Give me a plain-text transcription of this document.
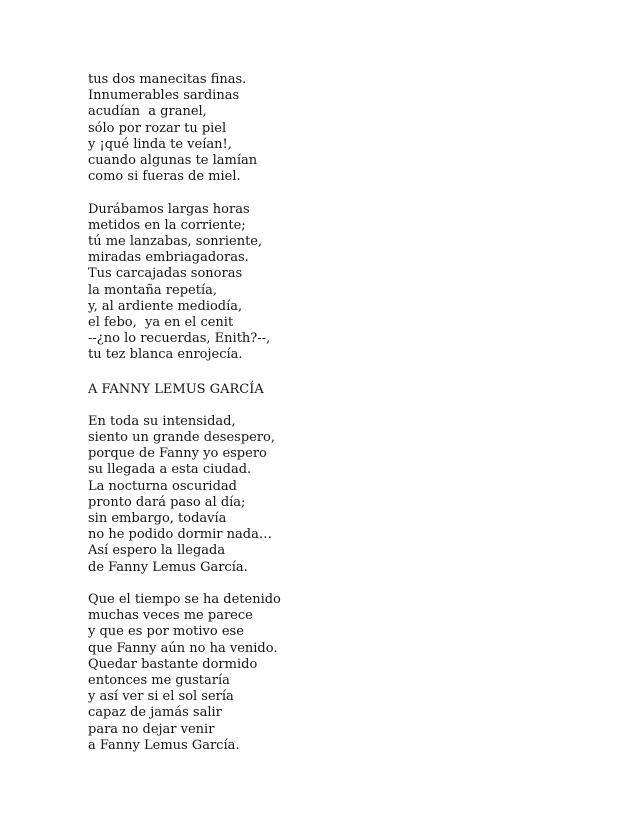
tus dos manecitas finas.

Innumerables sardinas

acudían  a granel,

sólo por rozar tu piel

y ¡qué linda te veían!,

cuando algunas te lamían

como si fueras de miel.

Durábamos largas horas

metidos en la corriente;

tú me lanzabas, sonriente,

miradas embriagadoras.

Tus carcajadas sonoras

la montaña repetía,

y, al ardiente mediodía,

el febo,  ya en el cenit

--¿no lo recuerdas, Enith?--,

tu tez blanca enrojecía.

A FANNY LEMUS GARCÍA

En toda su intensidad,

siento un grande desespero,

porque de Fanny yo espero

su llegada a esta ciudad.

La nocturna oscuridad

pronto dará paso al día;

sin embargo, todavía

no he podido dormir nada…

Así espero la llegada

de Fanny Lemus García.

Que el tiempo se ha detenido

muchas veces me parece

y que es por motivo ese

que Fanny aún no ha venido.

Quedar bastante dormido

entonces me gustaría

y así ver si el sol sería

capaz de jamás salir

para no dejar venir

a Fanny Lemus García.
